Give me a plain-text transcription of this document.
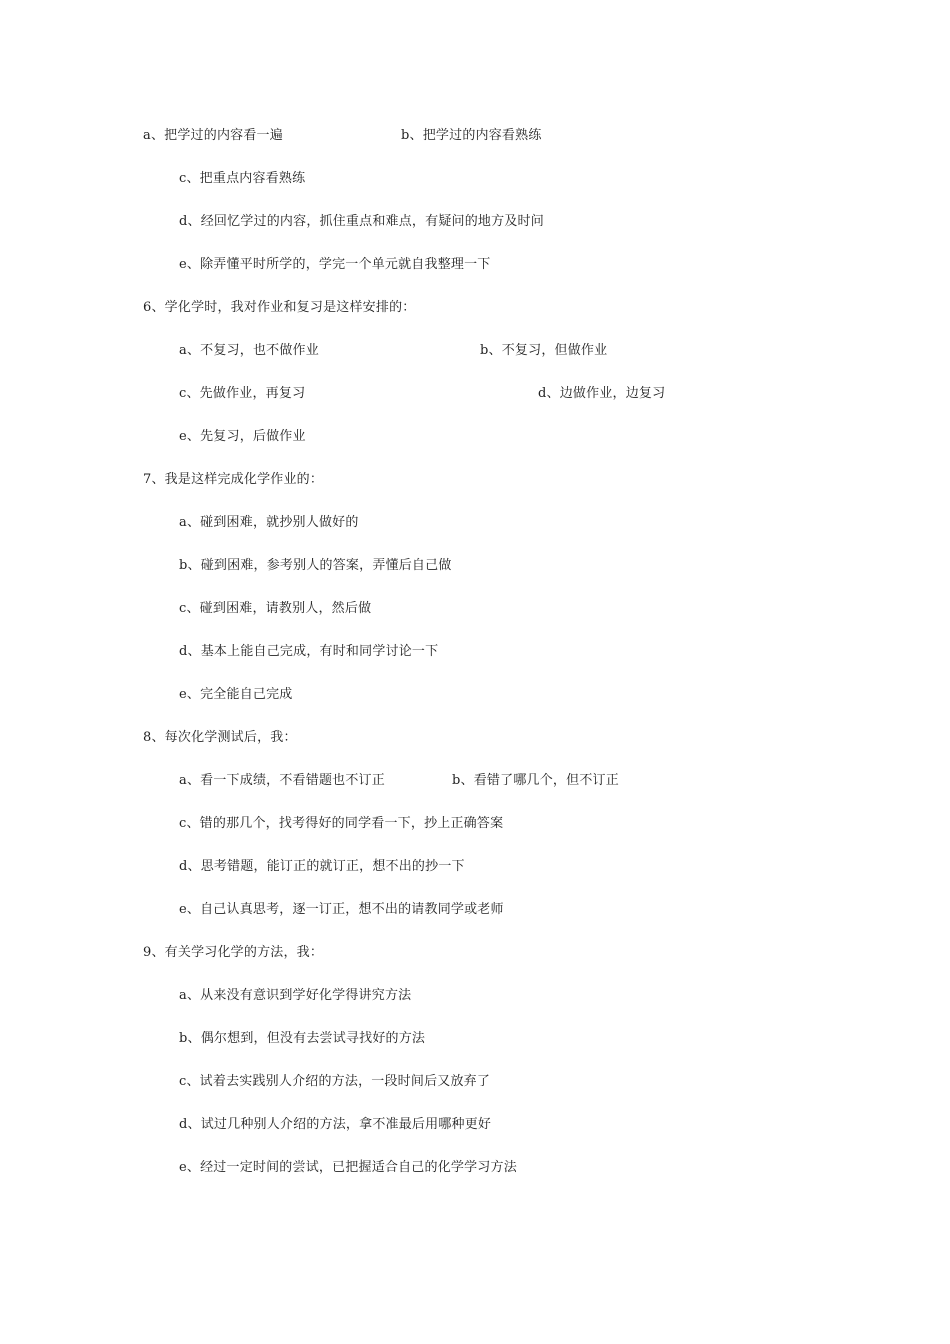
a、把学过的内容看一遍	b、把学过的内容看熟练
c、把重点内容看熟练
d、经回忆学过的内容，抓住重点和难点，有疑问的地方及时问
e、除弄懂平时所学的，学完一个单元就自我整理一下
6、学化学时，我对作业和复习是这样安排的：
a、不复习，也不做作业	b、不复习，但做作业
c、先做作业，再复习	d、边做作业，边复习
e、先复习，后做作业
7、我是这样完成化学作业的：
a、碰到困难，就抄别人做好的
b、碰到困难，参考别人的答案，弄懂后自己做
c、碰到困难，请教别人，然后做
d、基本上能自己完成，有时和同学讨论一下
e、完全能自己完成
8、每次化学测试后，我：
a、看一下成绩，不看错题也不订正	b、看错了哪几个，但不订正
c、错的那几个，找考得好的同学看一下，抄上正确答案
d、思考错题，能订正的就订正，想不出的抄一下
e、自己认真思考，逐一订正，想不出的请教同学或老师
9、有关学习化学的方法，我：
a、从来没有意识到学好化学得讲究方法
b、偶尔想到，但没有去尝试寻找好的方法
c、试着去实践别人介绍的方法，一段时间后又放弃了
d、试过几种别人介绍的方法，拿不准最后用哪种更好
e、经过一定时间的尝试，已把握适合自己的化学学习方法
